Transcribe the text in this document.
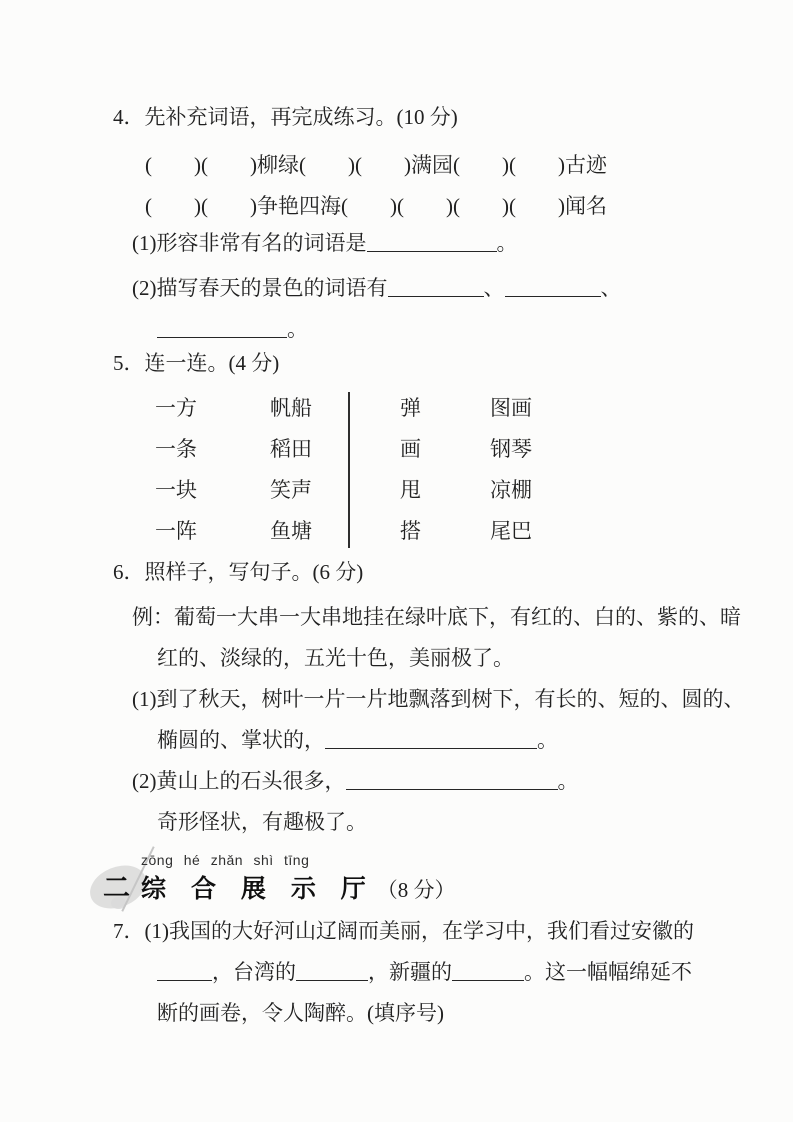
4．先补充词语，再完成练习。(10 分)
(　　)(　　)柳绿 (　　)(　　)满园 (　　)(　　)古迹
(　　)(　　)争艳 四海(　　)(　　) (　　)(　　)闻名
(1)形容非常有名的词语是	。
(2)描写春天的景色的词语有	、	、
。
5．连一连。(4 分)
一方	帆船	弹	图画
一条	稻田	画	钢琴
一块	笑声	甩	凉棚
一阵	鱼塘	搭	尾巴
6．照样子，写句子。(6 分)
例：葡萄一大串一大串地挂在绿叶底下，有红的、白的、紫的、暗
红的、淡绿的，五光十色，美丽极了。
(1)到了秋天，树叶一片一片地飘落到树下，有长的、短的、圆的、
椭圆的、掌状的，	。
(2)黄山上的石头很多，	。
奇形怪状，有趣极了。
zōng hé zhǎn shì tīng
二 综 合 展 示 厅 （8 分）
7．(1)我国的大好河山辽阔而美丽，在学习中，我们看过安徽的
，台湾的	，新疆的	。这一幅幅绵延不
断的画卷，令人陶醉。(填序号)
